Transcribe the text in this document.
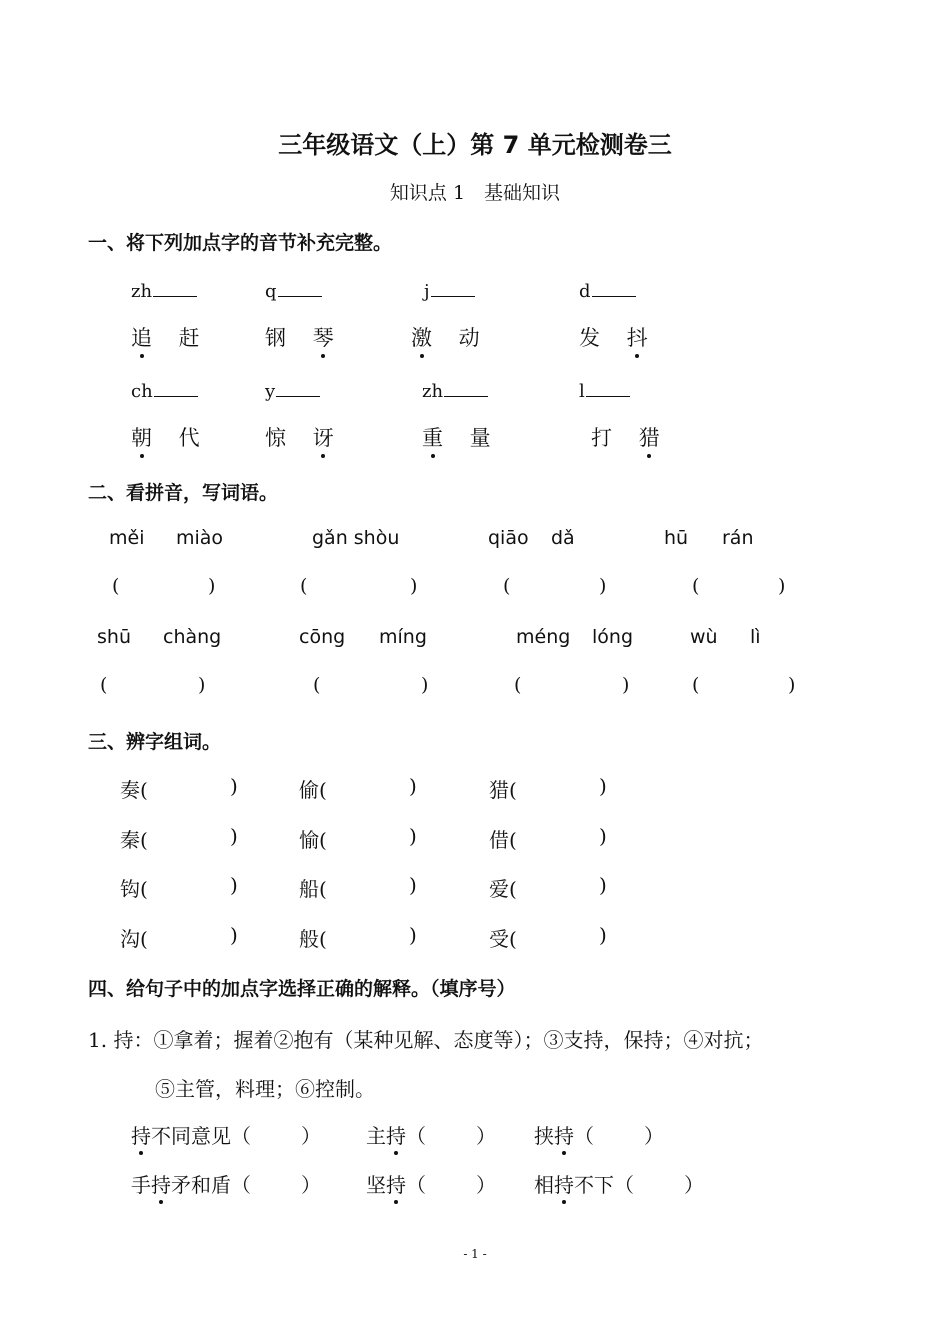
三年级语文（上）第 7 单元检测卷三
知识点 1　基础知识
一、将下列加点字的音节补充完整。
zh	q	j	d
追 赶	钢 琴	激 动	发 抖
ch	y	zh	l
朝 代	惊 讶	重 量	打 猎
二、看拼音，写词语。
měi miào	gǎn shòu	qiāo dǎ	hū rán
(	)	(	)	(	)	(	)
shū chàng	cōng míng	méng lóng	wù lì
(	)	(	)	(	)	(	)
三、辨字组词。
奏(	)	偷(	)	猎(	)
秦(	)	愉(	)	借(	)
钩(	)	船(	)	爱(	)
沟(	)	般(	)	受(	)
四、给句子中的加点字选择正确的解释。（填序号）
1. 持：①拿着；握着②抱有（某种见解、态度等）；③支持，保持；④对抗；
⑤主管，料理；⑥控制。
持不同意见（	） 主持（	） 挟持（	）
手持矛和盾（	） 坚持（	） 相持不下（	）
- 1 -
